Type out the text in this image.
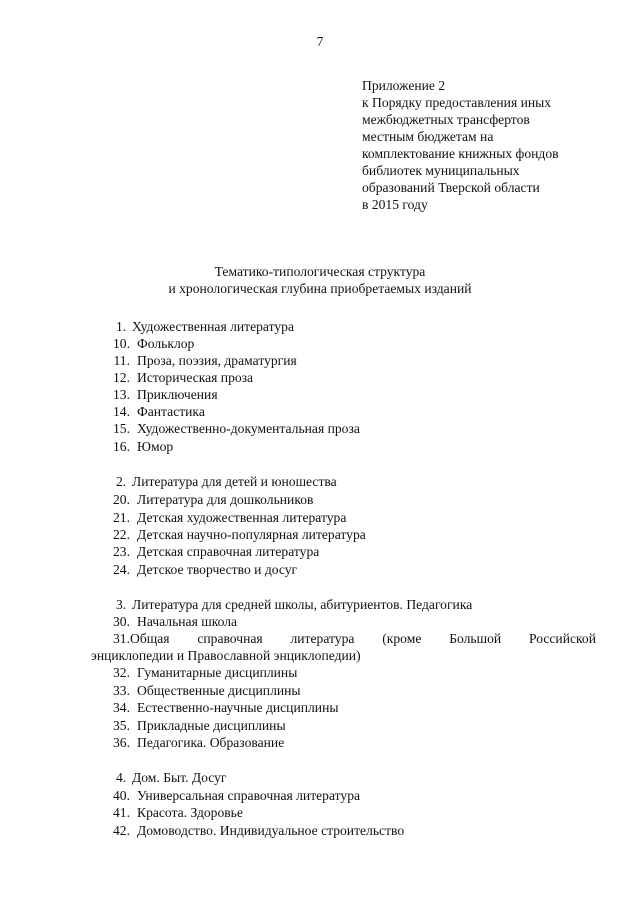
7
Приложение 2
к Порядку предоставления иных
межбюджетных трансфертов
местным бюджетам на
комплектование книжных фондов
библиотек муниципальных
образований Тверской области
в 2015 году
Тематико-типологическая структура
и хронологическая глубина приобретаемых изданий
1. Художественная литература
10. Фольклор
11. Проза, поэзия, драматургия
12. Историческая проза
13. Приключения
14. Фантастика
15. Художественно-документальная проза
16. Юмор
2. Литература для детей и юношества
20. Литература для дошкольников
21. Детская художественная литература
22. Детская научно-популярная литература
23. Детская справочная литература
24. Детское творчество и досуг
3. Литература для средней школы, абитуриентов. Педагогика
30. Начальная школа
31. Общая справочная литература (кроме Большой Российской
энциклопедии и Православной энциклопедии)
32. Гуманитарные дисциплины
33. Общественные дисциплины
34. Естественно-научные дисциплины
35. Прикладные дисциплины
36. Педагогика. Образование
4. Дом. Быт. Досуг
40. Универсальная справочная литература
41. Красота. Здоровье
42. Домоводство. Индивидуальное строительство
